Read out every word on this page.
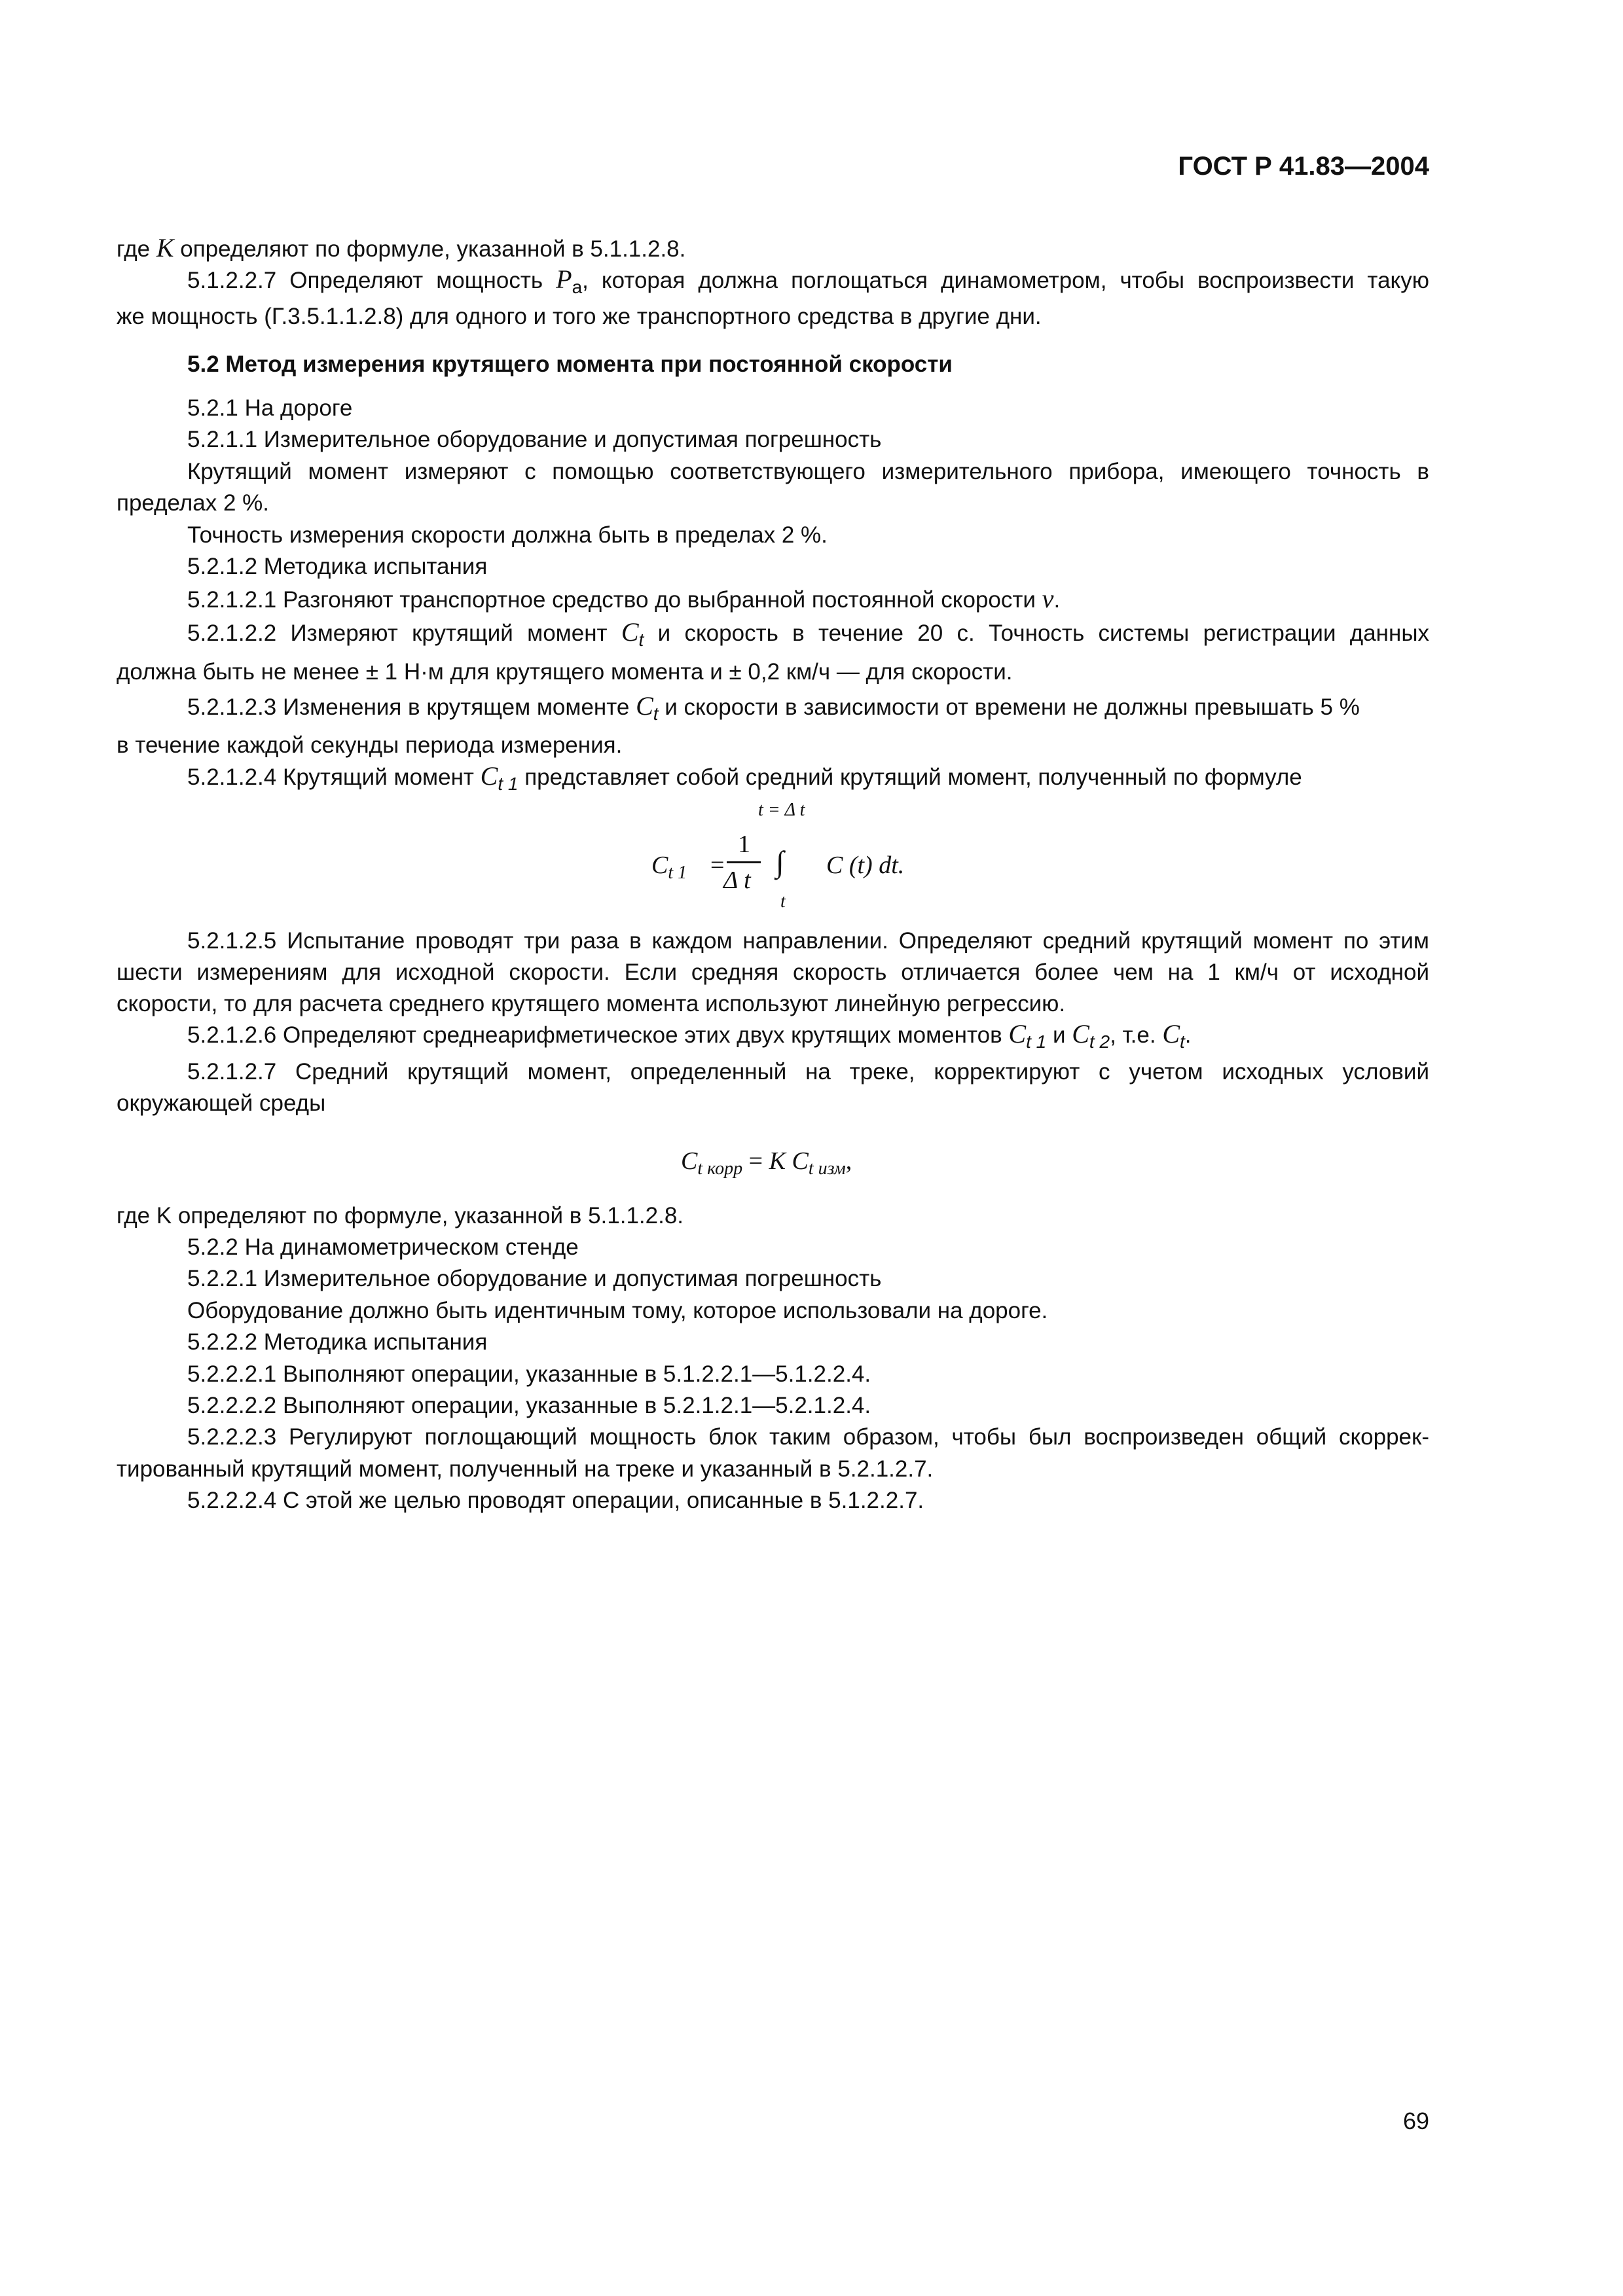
ГОСТ Р 41.83—2004
где K определяют по формуле, указанной в 5.1.1.2.8.
5.1.2.2.7 Определяют мощность $P_а$, которая должна поглощаться динамометром, чтобы воспроизвести такую
же мощность (Г.3.5.1.1.2.8) для одного и того же транспортного средства в другие дни.
5.2 Метод измерения крутящего момента при постоянной скорости
5.2.1 На дороге
5.2.1.1 Измерительное оборудование и допустимая погрешность
Крутящий момент измеряют с помощью соответствующего измерительного прибора, имеющего точность в
пределах 2 %.
Точность измерения скорости должна быть в пределах 2 %.
5.2.1.2 Методика испытания
5.2.1.2.1 Разгоняют транспортное средство до выбранной постоянной скорости v.
5.2.1.2.2 Измеряют крутящий момент $C_t$ и скорость в течение 20 с. Точность системы регистрации данных
должна быть не менее ± 1 Н·м для крутящего момента и ± 0,2 км/ч — для скорости.
5.2.1.2.3 Изменения в крутящем моменте $C_t$ и скорости в зависимости от времени не должны превышать 5 %
в течение каждой секунды периода измерения.
5.2.1.2.4 Крутящий момент $C_{t 1}$ представляет собой средний крутящий момент, полученный по формуле
t = Δ t
$C_{t 1}$ =
1
Δ t
∫
t
C (t) dt.
5.2.1.2.5 Испытание проводят три раза в каждом направлении. Определяют средний крутящий момент по этим
шести измерениям для исходной скорости. Если средняя скорость отличается более чем на 1 км/ч от исходной
скорости, то для расчета среднего крутящего момента используют линейную регрессию.
5.2.1.2.6 Определяют среднеарифметическое этих двух крутящих моментов $C_{t 1}$ и $C_{t 2}$, т.е. $C_t$.
5.2.1.2.7 Средний крутящий момент, определенный на треке, корректируют с учетом исходных условий
окружающей среды
$C_{t корр} = K$ $C_{t изм}$,
где K определяют по формуле, указанной в 5.1.1.2.8.
5.2.2 На динамометрическом стенде
5.2.2.1 Измерительное оборудование и допустимая погрешность
Оборудование должно быть идентичным тому, которое использовали на дороге.
5.2.2.2 Методика испытания
5.2.2.2.1 Выполняют операции, указанные в 5.1.2.2.1—5.1.2.2.4.
5.2.2.2.2 Выполняют операции, указанные в 5.2.1.2.1—5.2.1.2.4.
5.2.2.2.3 Регулируют поглощающий мощность блок таким образом, чтобы был воспроизведен общий скоррек-
тированный крутящий момент, полученный на треке и указанный в 5.2.1.2.7.
5.2.2.2.4 С этой же целью проводят операции, описанные в 5.1.2.2.7.
69
